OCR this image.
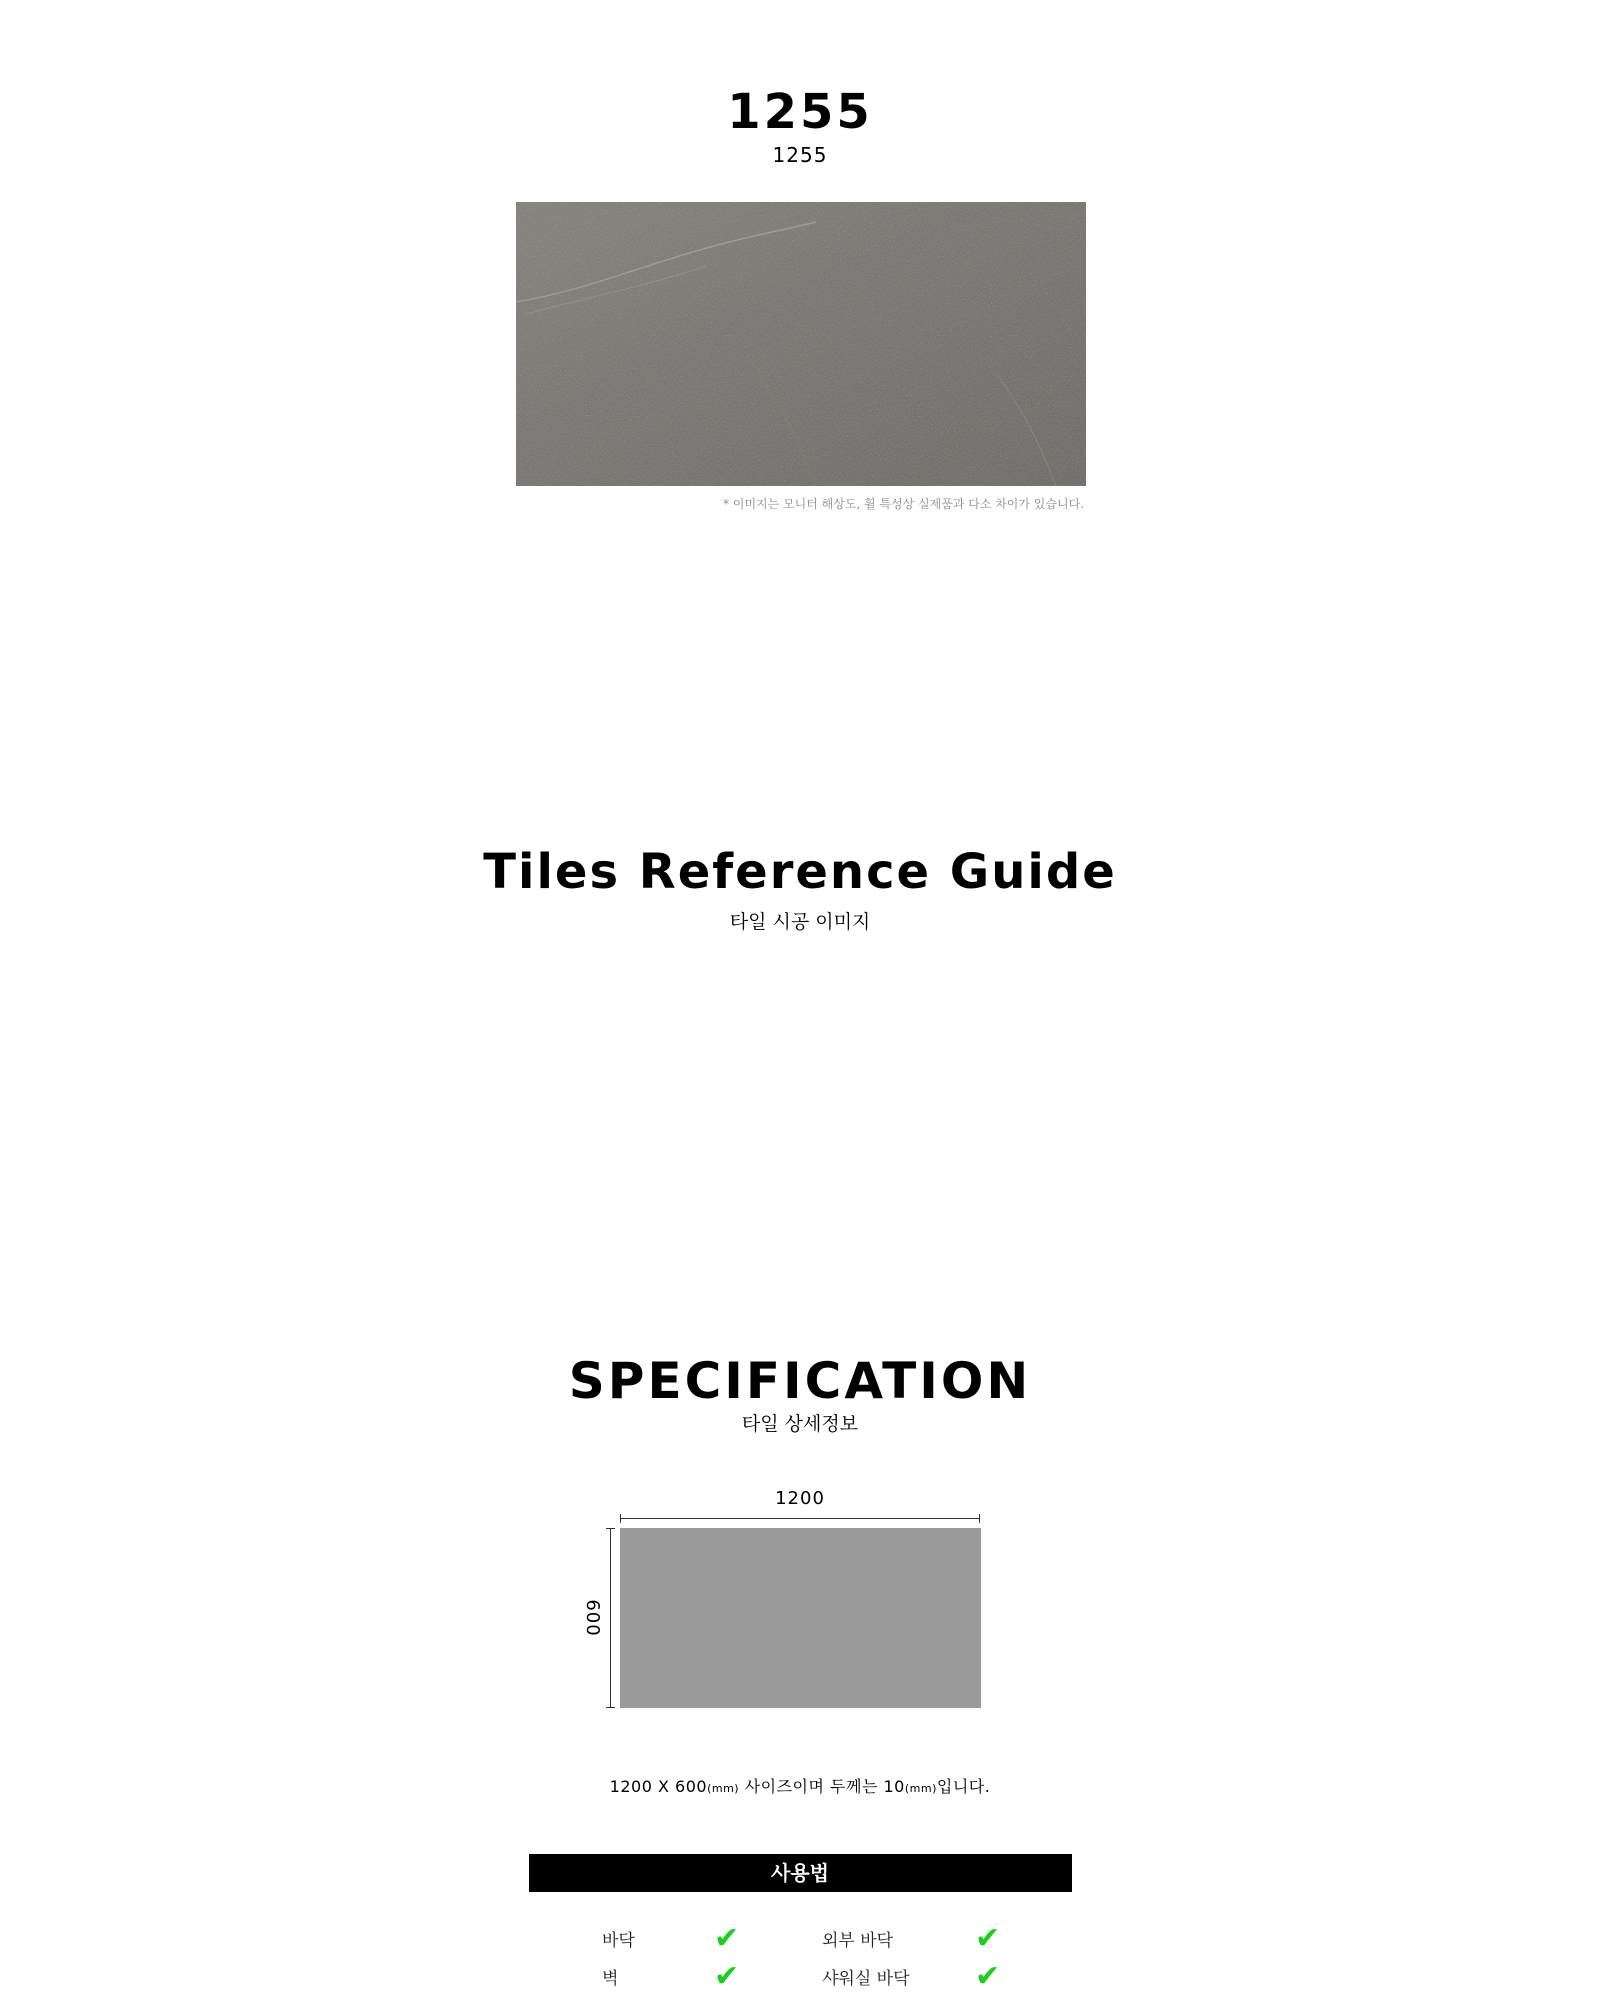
1255
1255
* 이미지는 모니터 해상도, 휠 특성상 실제품과 다소 차이가 있습니다.
Tiles Reference Guide
타일 시공 이미지
SPECIFICATION
타일 상세정보
1200
600
1200 X 600(mm) 사이즈이며 두께는 10(mm)입니다.
사용법
바닥	✔	외부 바닥	✔
벽	✔	샤워실 바닥 ✔
